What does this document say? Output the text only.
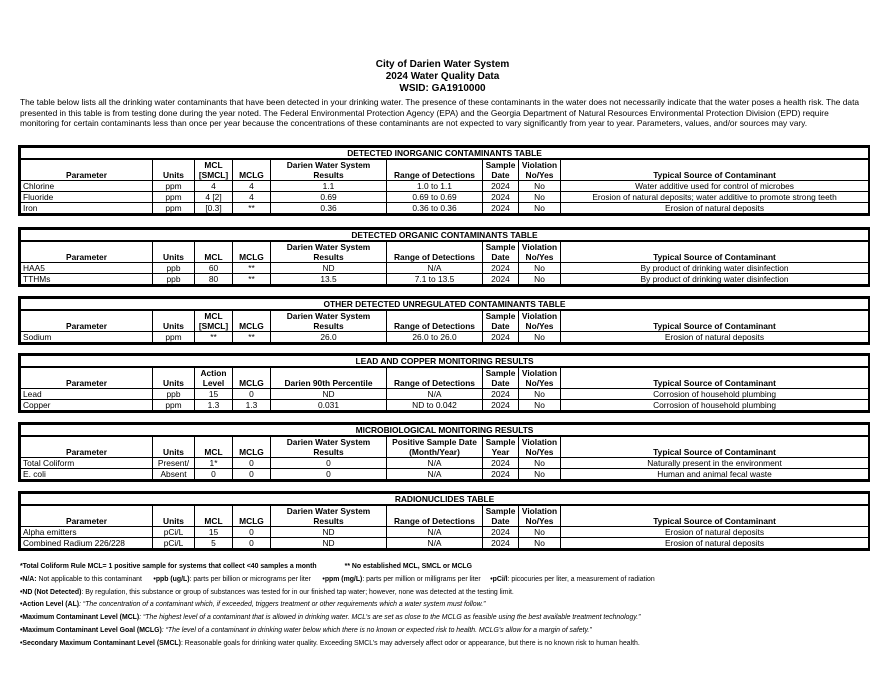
City of Darien Water System
2024 Water Quality Data
WSID: GA1910000

The table below lists all the drinking water contaminants that have been detected in your drinking water. The presence of these contaminants in the water does not necessarily indicate that the water poses a health risk. The data presented in this table is from testing done during the year noted. The Federal Environmental Protection Agency (EPA) and the Georgia Department of Natural Resources Environmental Protection Division (EPD) require monitoring for certain contaminants less than once per year because the concentrations of these contaminants are not expected to vary significantly from year to year. Parameters, values, and/or sources may vary.

DETECTED INORGANIC CONTAMINANTS TABLE								
Parameter	Units	MCL [SMCL]	MCLG	Darien Water System Results	Range of Detections	Sample Date	Violation No/Yes	Typical Source of Contaminant
Chlorine	ppm	4	4	1.1	1.0 to 1.1	2024	No	Water additive used for control of microbes
Fluoride	ppm	4 [2]	4	0.69	0.69 to 0.69	2024	No	Erosion of natural deposits; water additive to promote strong teeth
Iron	ppm	[0.3]	**	0.36	0.36 to 0.36	2024	No	Erosion of natural deposits
DETECTED ORGANIC CONTAMINANTS TABLE								
Parameter	Units	MCL	MCLG	Darien Water System Results	Range of Detections	Sample Date	Violation No/Yes	Typical Source of Contaminant
HAA5	ppb	60	**	ND	N/A	2024	No	By product of drinking water disinfection
TTHMs	ppb	80	**	13.5	7.1 to 13.5	2024	No	By product of drinking water disinfection
OTHER DETECTED UNREGULATED CONTAMINANTS TABLE								
Parameter	Units	MCL [SMCL]	MCLG	Darien Water System Results	Range of Detections	Sample Date	Violation No/Yes	Typical Source of Contaminant
Sodium	ppm	**	**	26.0	26.0 to 26.0	2024	No	Erosion of natural deposits
LEAD AND COPPER MONITORING RESULTS								
Parameter	Units	Action Level	MCLG	Darien 90th Percentile	Range of Detections	Sample Date	Violation No/Yes	Typical Source of Contaminant
Lead	ppb	15	0	ND	N/A	2024	No	Corrosion of household plumbing
Copper	ppm	1.3	1.3	0.031	ND to 0.042	2024	No	Corrosion of household plumbing
MICROBIOLOGICAL MONITORING RESULTS								
Parameter	Units	MCL	MCLG	Darien Water System Results	Positive Sample Date (Month/Year)	Sample Year	Violation No/Yes	Typical Source of Contaminant
Total Coliform	Present/	1*	0	0	N/A	2024	No	Naturally present in the environment
E. coli	Absent	0	0	0	N/A	2024	No	Human and animal fecal waste
RADIONUCLIDES TABLE								
Parameter	Units	MCL	MCLG	Darien Water System Results	Range of Detections	Sample Date	Violation No/Yes	Typical Source of Contaminant
Alpha emitters	pCi/L	15	0	ND	N/A	2024	No	Erosion of natural deposits
Combined Radium 226/228	pCi/L	5	0	ND	N/A	2024	No	Erosion of natural deposits
*Total Coliform Rule MCL= 1 positive sample for systems that collect <40 samples a month	** No established MCL, SMCL or MCLG
•N/A: Not applicable to this contaminant •ppb (ug/L): parts per billion or micrograms per liter •ppm (mg/L): parts per million or milligrams per liter •pCi/l: picocuries per liter, a measurement of radiation
•ND (Not Detected): By regulation, this substance or group of substances was tested for in our finished tap water; however, none was detected at the testing limit.
•Action Level (AL): “The concentration of a contaminant which, if exceeded, triggers treatment or other requirements which a water system must follow.”
•Maximum Contaminant Level (MCL): “The highest level of a contaminant that is allowed in drinking water. MCL’s are set as close to the MCLG as feasible using the best available treatment technology.”
•Maximum Contaminant Level Goal (MCLG): “The level of a contaminant in drinking water below which there is no known or expected risk to health. MCLG’s allow for a margin of safety.”
•Secondary Maximum Contaminant Level (SMCL): Reasonable goals for drinking water quality. Exceeding SMCL’s may adversely affect odor or appearance, but there is no known risk to human health.
